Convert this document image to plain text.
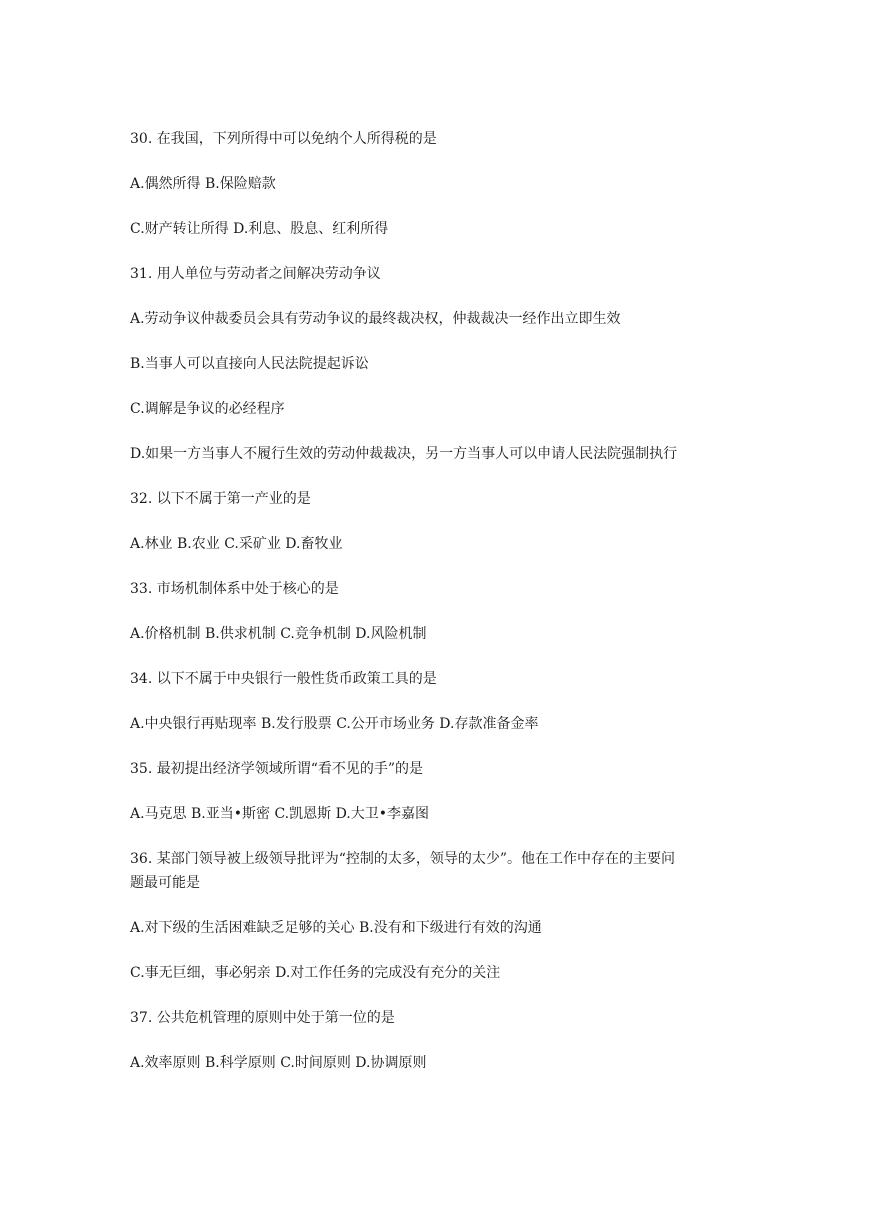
30. 在我国，下列所得中可以免纳个人所得税的是

A.偶然所得 B.保险赔款

C.财产转让所得 D.利息、股息、红利所得

31. 用人单位与劳动者之间解决劳动争议

A.劳动争议仲裁委员会具有劳动争议的最终裁决权，仲裁裁决一经作出立即生效

B.当事人可以直接向人民法院提起诉讼

C.调解是争议的必经程序

D.如果一方当事人不履行生效的劳动仲裁裁决，另一方当事人可以申请人民法院强制执行

32. 以下不属于第一产业的是

A.林业 B.农业 C.采矿业 D.畜牧业

33. 市场机制体系中处于核心的是

A.价格机制 B.供求机制 C.竞争机制 D.风险机制

34. 以下不属于中央银行一般性货币政策工具的是

A.中央银行再贴现率 B.发行股票 C.公开市场业务 D.存款准备金率

35. 最初提出经济学领域所谓“看不见的手”的是

A.马克思 B.亚当•斯密 C.凯恩斯 D.大卫•李嘉图

36. 某部门领导被上级领导批评为“控制的太多，领导的太少”。他在工作中存在的主要问
题最可能是

A.对下级的生活困难缺乏足够的关心 B.没有和下级进行有效的沟通

C.事无巨细，事必躬亲 D.对工作任务的完成没有充分的关注

37. 公共危机管理的原则中处于第一位的是

A.效率原则 B.科学原则 C.时间原则 D.协调原则
